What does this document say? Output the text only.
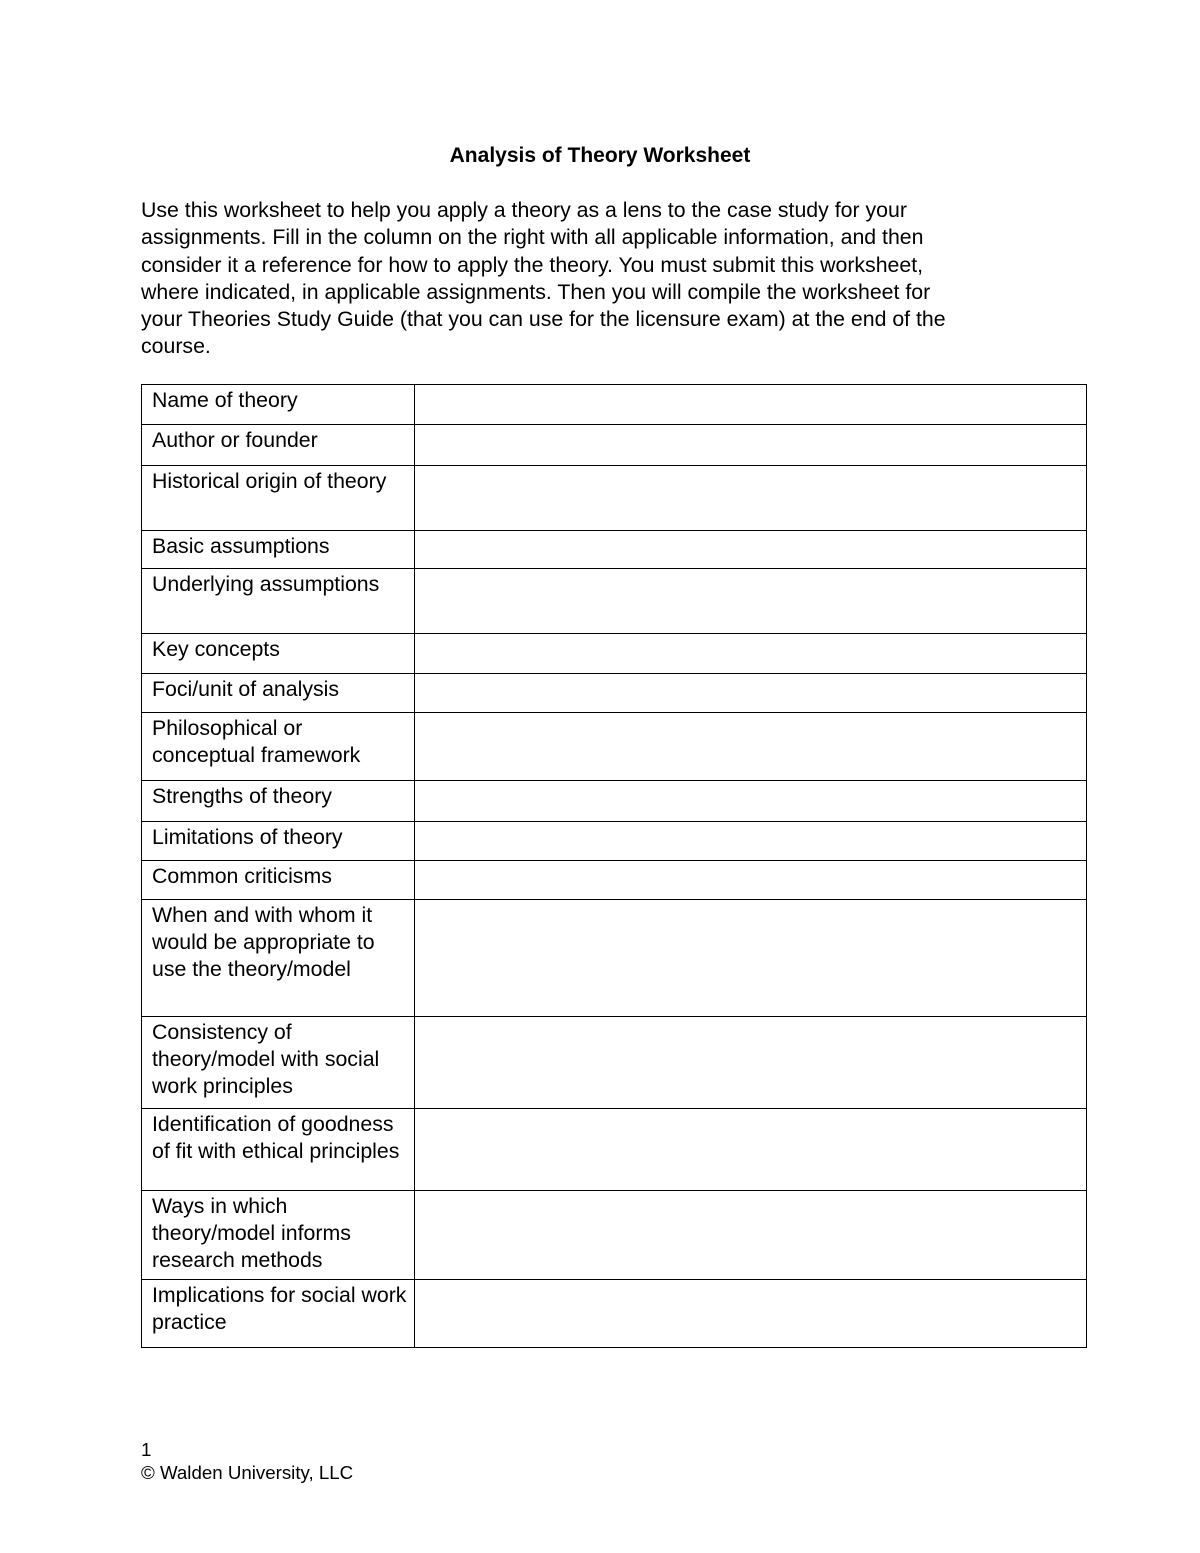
Analysis of Theory Worksheet

Use this worksheet to help you apply a theory as a lens to the case study for your
assignments. Fill in the column on the right with all applicable information, and then
consider it a reference for how to apply the theory. You must submit this worksheet,
where indicated, in applicable assignments. Then you will compile the worksheet for
your Theories Study Guide (that you can use for the licensure exam) at the end of the
course.

Name of theory	
Author or founder	
Historical origin of theory	
Basic assumptions	
Underlying assumptions	
Key concepts	
Foci/unit of analysis	
Philosophical or conceptual framework	
Strengths of theory	
Limitations of theory	
Common criticisms	
When and with whom it would be appropriate to use the theory/model	
Consistency of theory/model with social work principles	
Identification of goodness of fit with ethical principles	
Ways in which theory/model informs research methods	
Implications for social work practice	
1
© Walden University, LLC
